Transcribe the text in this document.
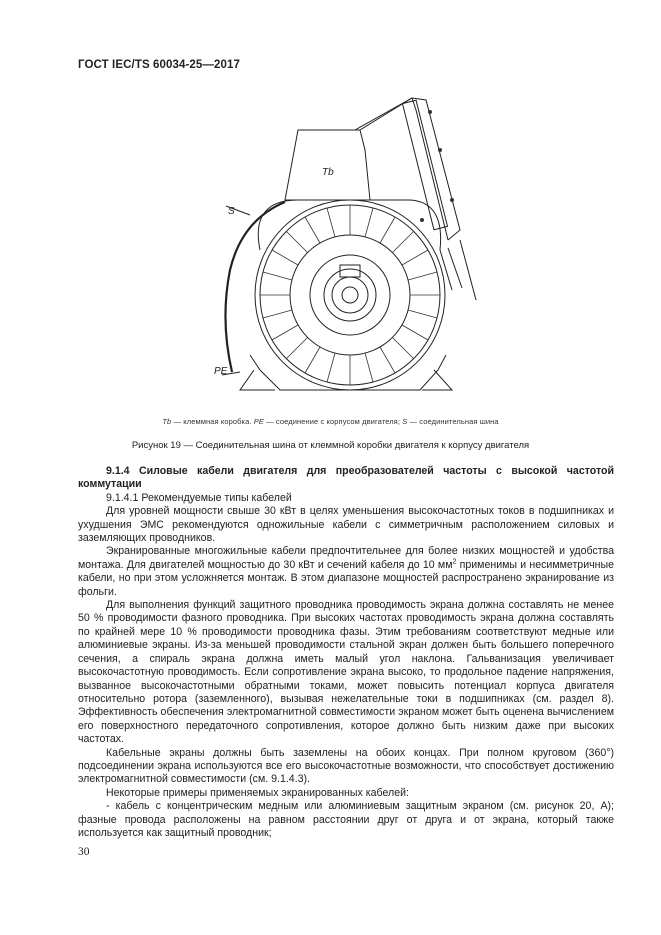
ГОСТ IEC/TS 60034-25—2017
Tb
S
PE
Tb — клеммная коробка. PE — соединение с корпусом двигателя; S — соединительная шина
Рисунок 19 — Соединительная шина от клеммной коробки двигателя к корпусу двигателя
9.1.4 Силовые кабели двигателя для преобразователей частоты с высокой частотой коммутации

9.1.4.1 Рекомендуемые типы кабелей

Для уровней мощности свыше 30 кВт в целях уменьшения высокочастотных токов в подшипниках и ухудшения ЭМС рекомендуются одножильные кабели с симметричным расположением силовых и заземляющих проводников.

Экранированные многожильные кабели предпочтительнее для более низких мощностей и удобства монтажа. Для двигателей мощностью до 30 кВт и сечений кабеля до 10 $мм^2$ применимы и несимметричные кабели, но при этом усложняется монтаж. В этом диапазоне мощностей распространено экранирование из фольги.

Для выполнения функций защитного проводника проводимость экрана должна составлять не менее 50 % проводимости фазного проводника. При высоких частотах проводимость экрана должна составлять по крайней мере 10 % проводимости проводника фазы. Этим требованиям соответствуют медные или алюминиевые экраны. Из-за меньшей проводимости стальной экран должен быть большего поперечного сечения, а спираль экрана должна иметь малый угол наклона. Гальванизация увеличивает высокочастотную проводимость. Если сопротивление экрана высоко, то продольное падение напряжения, вызванное высокочастотными обратными токами, может повысить потенциал корпуса двигателя относительно ротора (заземленного), вызывая нежелательные токи в подшипниках (см. раздел 8). Эффективность обеспечения электромагнитной совместимости экраном может быть оценена вычислением его поверхностного передаточного сопротивления, которое должно быть низким даже при высоких частотах.

Кабельные экраны должны быть заземлены на обоих концах. При полном круговом (360°) подсоединении экрана используются все его высокочастотные возможности, что способствует достижению электромагнитной совместимости (см. 9.1.4.3).

Некоторые примеры применяемых экранированных кабелей:

- кабель с концентрическим медным или алюминиевым защитным экраном (см. рисунок 20, А); фазные провода расположены на равном расстоянии друг от друга и от экрана, который также используется как защитный проводник;

30
